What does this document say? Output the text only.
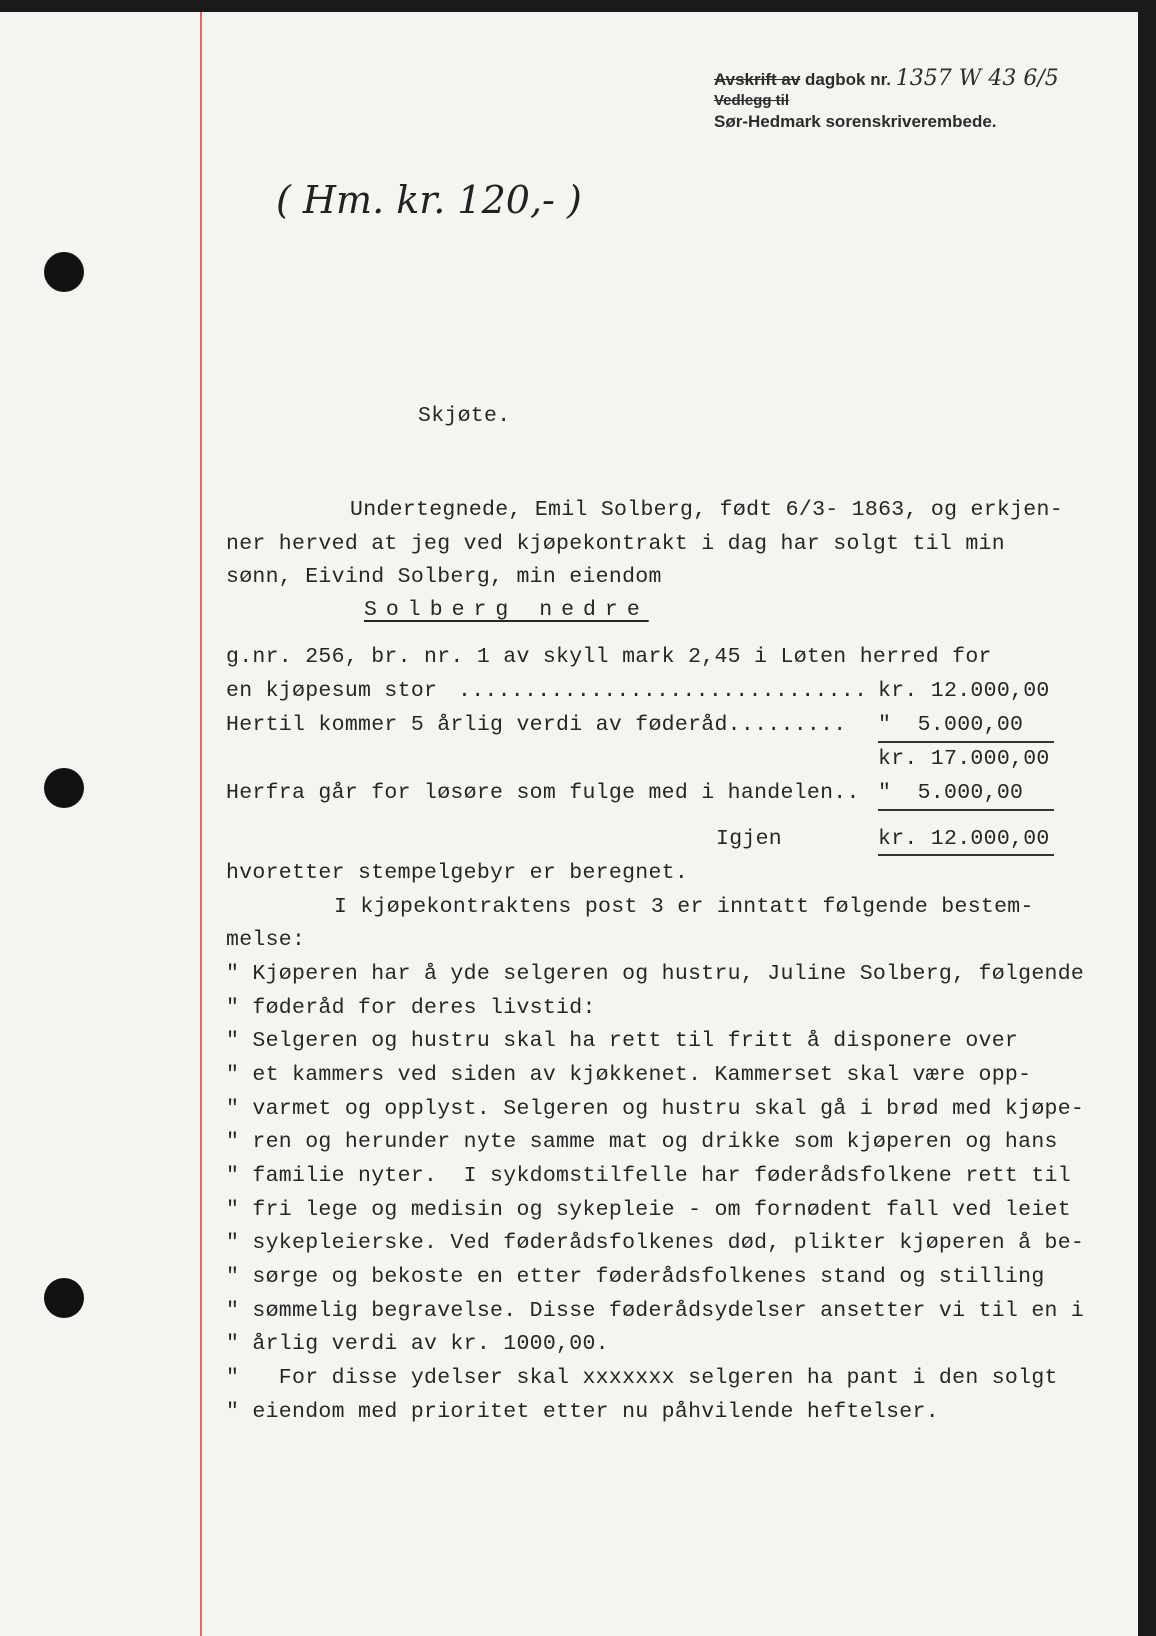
Avskrift av dagbok nr. 1357 W 43 6/5
Vedlegg til
Sør-Hedmark sorenskriverembede.
( Hm. kr. 120,- )
Skjøte.
Undertegnede, Emil Solberg, født 6/3- 1863, og erkjen-
ner herved at jeg ved kjøpekontrakt i dag har solgt til min
sønn, Eivind Solberg, min eiendom
Solberg nedre
g.nr. 256, br. nr. 1 av skyll mark 2,45 i Løten herred for
en kjøpesum stor ............................... kr. 12.000,00
Hertil kommer 5 årlig verdi av føderåd......... "  5.000,00
kr. 17.000,00
Herfra går for løsøre som fulge med i handelen.. "  5.000,00
Igjen	kr. 12.000,00
hvoretter stempelgebyr er beregnet.
I kjøpekontraktens post 3 er inntatt følgende bestem-
melse:
" Kjøperen har å yde selgeren og hustru, Juline Solberg, følgende
" føderåd for deres livstid:
" Selgeren og hustru skal ha rett til fritt å disponere over
" et kammers ved siden av kjøkkenet. Kammerset skal være opp-
" varmet og opplyst. Selgeren og hustru skal gå i brød med kjøpe-
" ren og herunder nyte samme mat og drikke som kjøperen og hans
" familie nyter.  I sykdomstilfelle har føderådsfolkene rett til
" fri lege og medisin og sykepleie - om fornødent fall ved leiet
" sykepleierske. Ved føderådsfolkenes død, plikter kjøperen å be-
" sørge og bekoste en etter føderådsfolkenes stand og stilling
" sømmelig begravelse. Disse føderådsydelser ansetter vi til en i
" årlig verdi av kr. 1000,00.
"   For disse ydelser skal xxxxxxx selgeren ha pant i den solgt
" eiendom med prioritet etter nu påhvilende heftelser.
